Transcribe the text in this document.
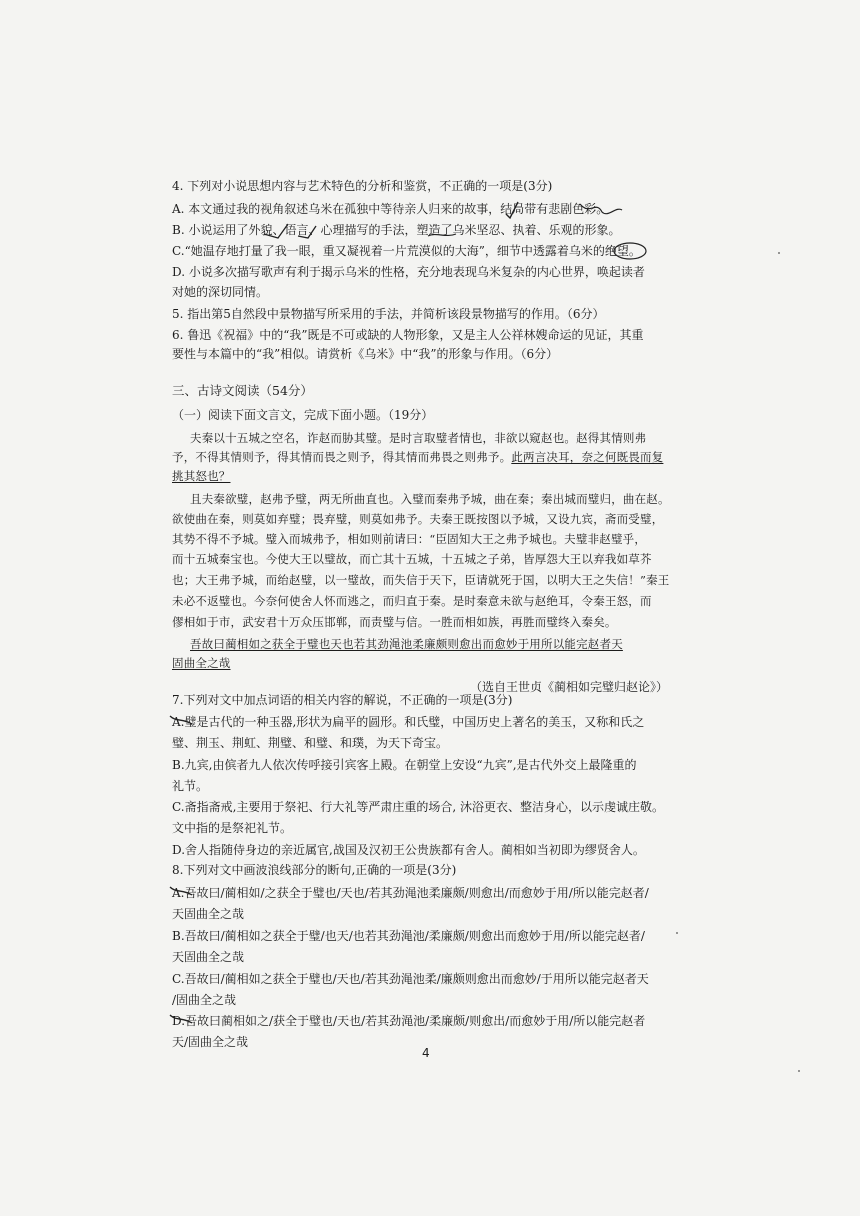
4. 下列对小说思想内容与艺术特色的分析和鉴赏，不正确的一项是(3分)
A. 本文通过我的视角叙述乌米在孤独中等待亲人归来的故事，结局带有悲剧色彩。
B. 小说运用了外貌、语言、心理描写的手法，塑造了乌米坚忍、执着、乐观的形象。
C.“她温存地打量了我一眼，重又凝视着一片荒漠似的大海”，细节中透露着乌米的绝望。
D. 小说多次描写歌声有利于揭示乌米的性格，充分地表现乌米复杂的内心世界，唤起读者
对她的深切同情。
5. 指出第5自然段中景物描写所采用的手法，并简析该段景物描写的作用。（6分）
6. 鲁迅《祝福》中的“我”既是不可或缺的人物形象，又是主人公祥林嫂命运的见证，其重
要性与本篇中的“我”相似。请赏析《乌米》中“我”的形象与作用。（6分）
三、古诗文阅读（54分）
（一）阅读下面文言文，完成下面小题。（19分）
夫秦以十五城之空名，诈赵而胁其璧。是时言取璧者情也，非欲以窥赵也。赵得其情则弗
予，不得其情则予，得其情而畏之则予，得其情而弗畏之则弗予。此两言决耳，奈之何既畏而复
挑其怒也？
且夫秦欲璧，赵弗予璧，两无所曲直也。入璧而秦弗予城，曲在秦；秦出城而璧归，曲在赵。
欲使曲在秦，则莫如弃璧；畏弃璧，则莫如弗予。夫秦王既按图以予城，又设九宾，斋而受璧，
其势不得不予城。璧入而城弗予，相如则前请曰：“臣固知大王之弗予城也。夫璧非赵璧乎，
而十五城秦宝也。今使大王以璧故，而亡其十五城，十五城之子弟，皆厚怨大王以弃我如草芥
也；大王弗予城，而绐赵璧，以一璧故，而失信于天下，臣请就死于国，以明大王之失信！”秦王
未必不返璧也。今奈何使舍人怀而逃之，而归直于秦。是时秦意未欲与赵绝耳，令秦王怒，而
僇相如于市，武安君十万众压邯郸，而责璧与信。一胜而相如族，再胜而璧终入秦矣。
吾故曰蔺相如之获全于璧也天也若其劲渑池柔廉颇则愈出而愈妙于用所以能完赵者天
固曲全之哉
（选自王世贞《蔺相如完璧归赵论》）
7.下列对文中加点词语的相关内容的解说，不正确的一项是(3分)
A.璧是古代的一种玉器,形状为扁平的圆形。和氏璧，中国历史上著名的美玉，又称和氏之
璧、荆玉、荆虹、荆璧、和璧、和璞，为天下奇宝。
B.九宾,由傧者九人依次传呼接引宾客上殿。在朝堂上安设“九宾”,是古代外交上最隆重的
礼节。
C.斋指斋戒,主要用于祭祀、行大礼等严肃庄重的场合, 沐浴更衣、整洁身心，以示虔诚庄敬。
文中指的是祭祀礼节。
D.舍人指随侍身边的亲近属官,战国及汉初王公贵族都有舍人。蔺相如当初即为缪贤舍人。
8.下列对文中画波浪线部分的断句,正确的一项是(3分)
A.吾故曰/蔺相如/之获全于璧也/天也/若其劲渑池柔廉颇/则愈出/而愈妙于用/所以能完赵者/
天固曲全之哉
B.吾故曰/蔺相如之获全于璧/也天/也若其劲渑池/柔廉颇/则愈出而愈妙于用/所以能完赵者/
天固曲全之哉
C.吾故曰/蔺相如之获全于璧也/天也/若其劲渑池柔/廉颇则愈出而愈妙/于用所以能完赵者天
/固曲全之哉
D.吾故曰蔺相如之/获全于璧也/天也/若其劲渑池/柔廉颇/则愈出/而愈妙于用/所以能完赵者
天/固曲全之哉
4
